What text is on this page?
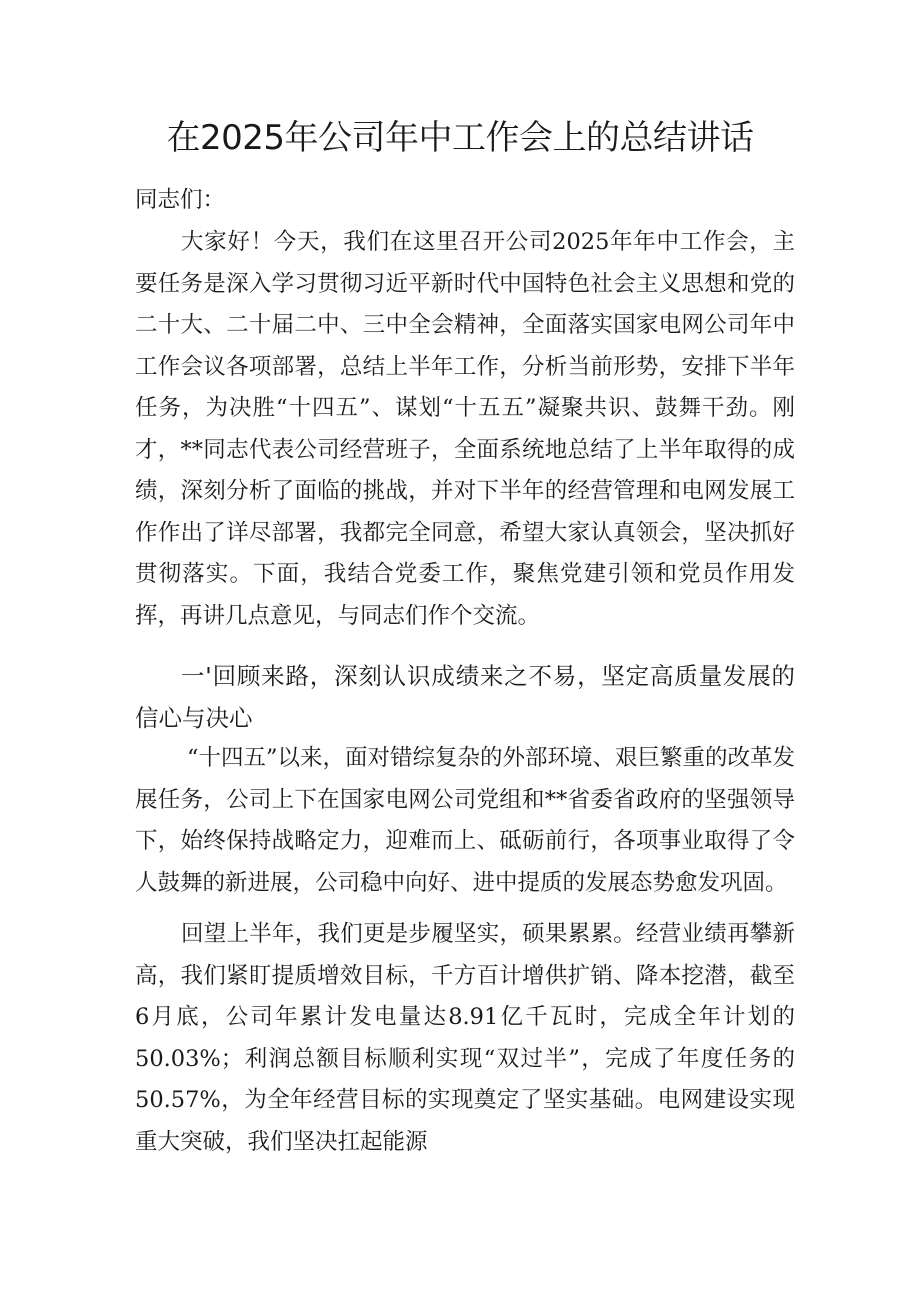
在2025年公司年中工作会上的总结讲话

同志们：

大家好！今天，我们在这里召开公司2025年年中工作会，主要任务是深入学习贯彻习近平新时代中国特色社会主义思想和党的二十大、二十届二中、三中全会精神，全面落实国家电网公司年中工作会议各项部署，总结上半年工作，分析当前形势，安排下半年任务，为决胜“十四五”、谋划“十五五”凝聚共识、鼓舞干劲。刚才，**同志代表公司经营班子，全面系统地总结了上半年取得的成绩，深刻分析了面临的挑战，并对下半年的经营管理和电网发展工作作出了详尽部署，我都完全同意，希望大家认真领会，坚决抓好贯彻落实。下面，我结合党委工作，聚焦党建引领和党员作用发挥，再讲几点意见，与同志们作个交流。

一'回顾来路，深刻认识成绩来之不易，坚定高质量发展的信心与决心

“十四五”以来，面对错综复杂的外部环境、艰巨繁重的改革发展任务，公司上下在国家电网公司党组和**省委省政府的坚强领导下，始终保持战略定力，迎难而上、砥砺前行，各项事业取得了令人鼓舞的新进展，公司稳中向好、进中提质的发展态势愈发巩固。

回望上半年，我们更是步履坚实，硕果累累。经营业绩再攀新高，我们紧盯提质增效目标，千方百计增供扩销、降本挖潜，截至6月底，公司年累计发电量达8.91亿千瓦时，完成全年计划的50.03%；利润总额目标顺利实现“双过半”，完成了年度任务的50.57%，为全年经营目标的实现奠定了坚实基础。电网建设实现重大突破，我们坚决扛起能源
